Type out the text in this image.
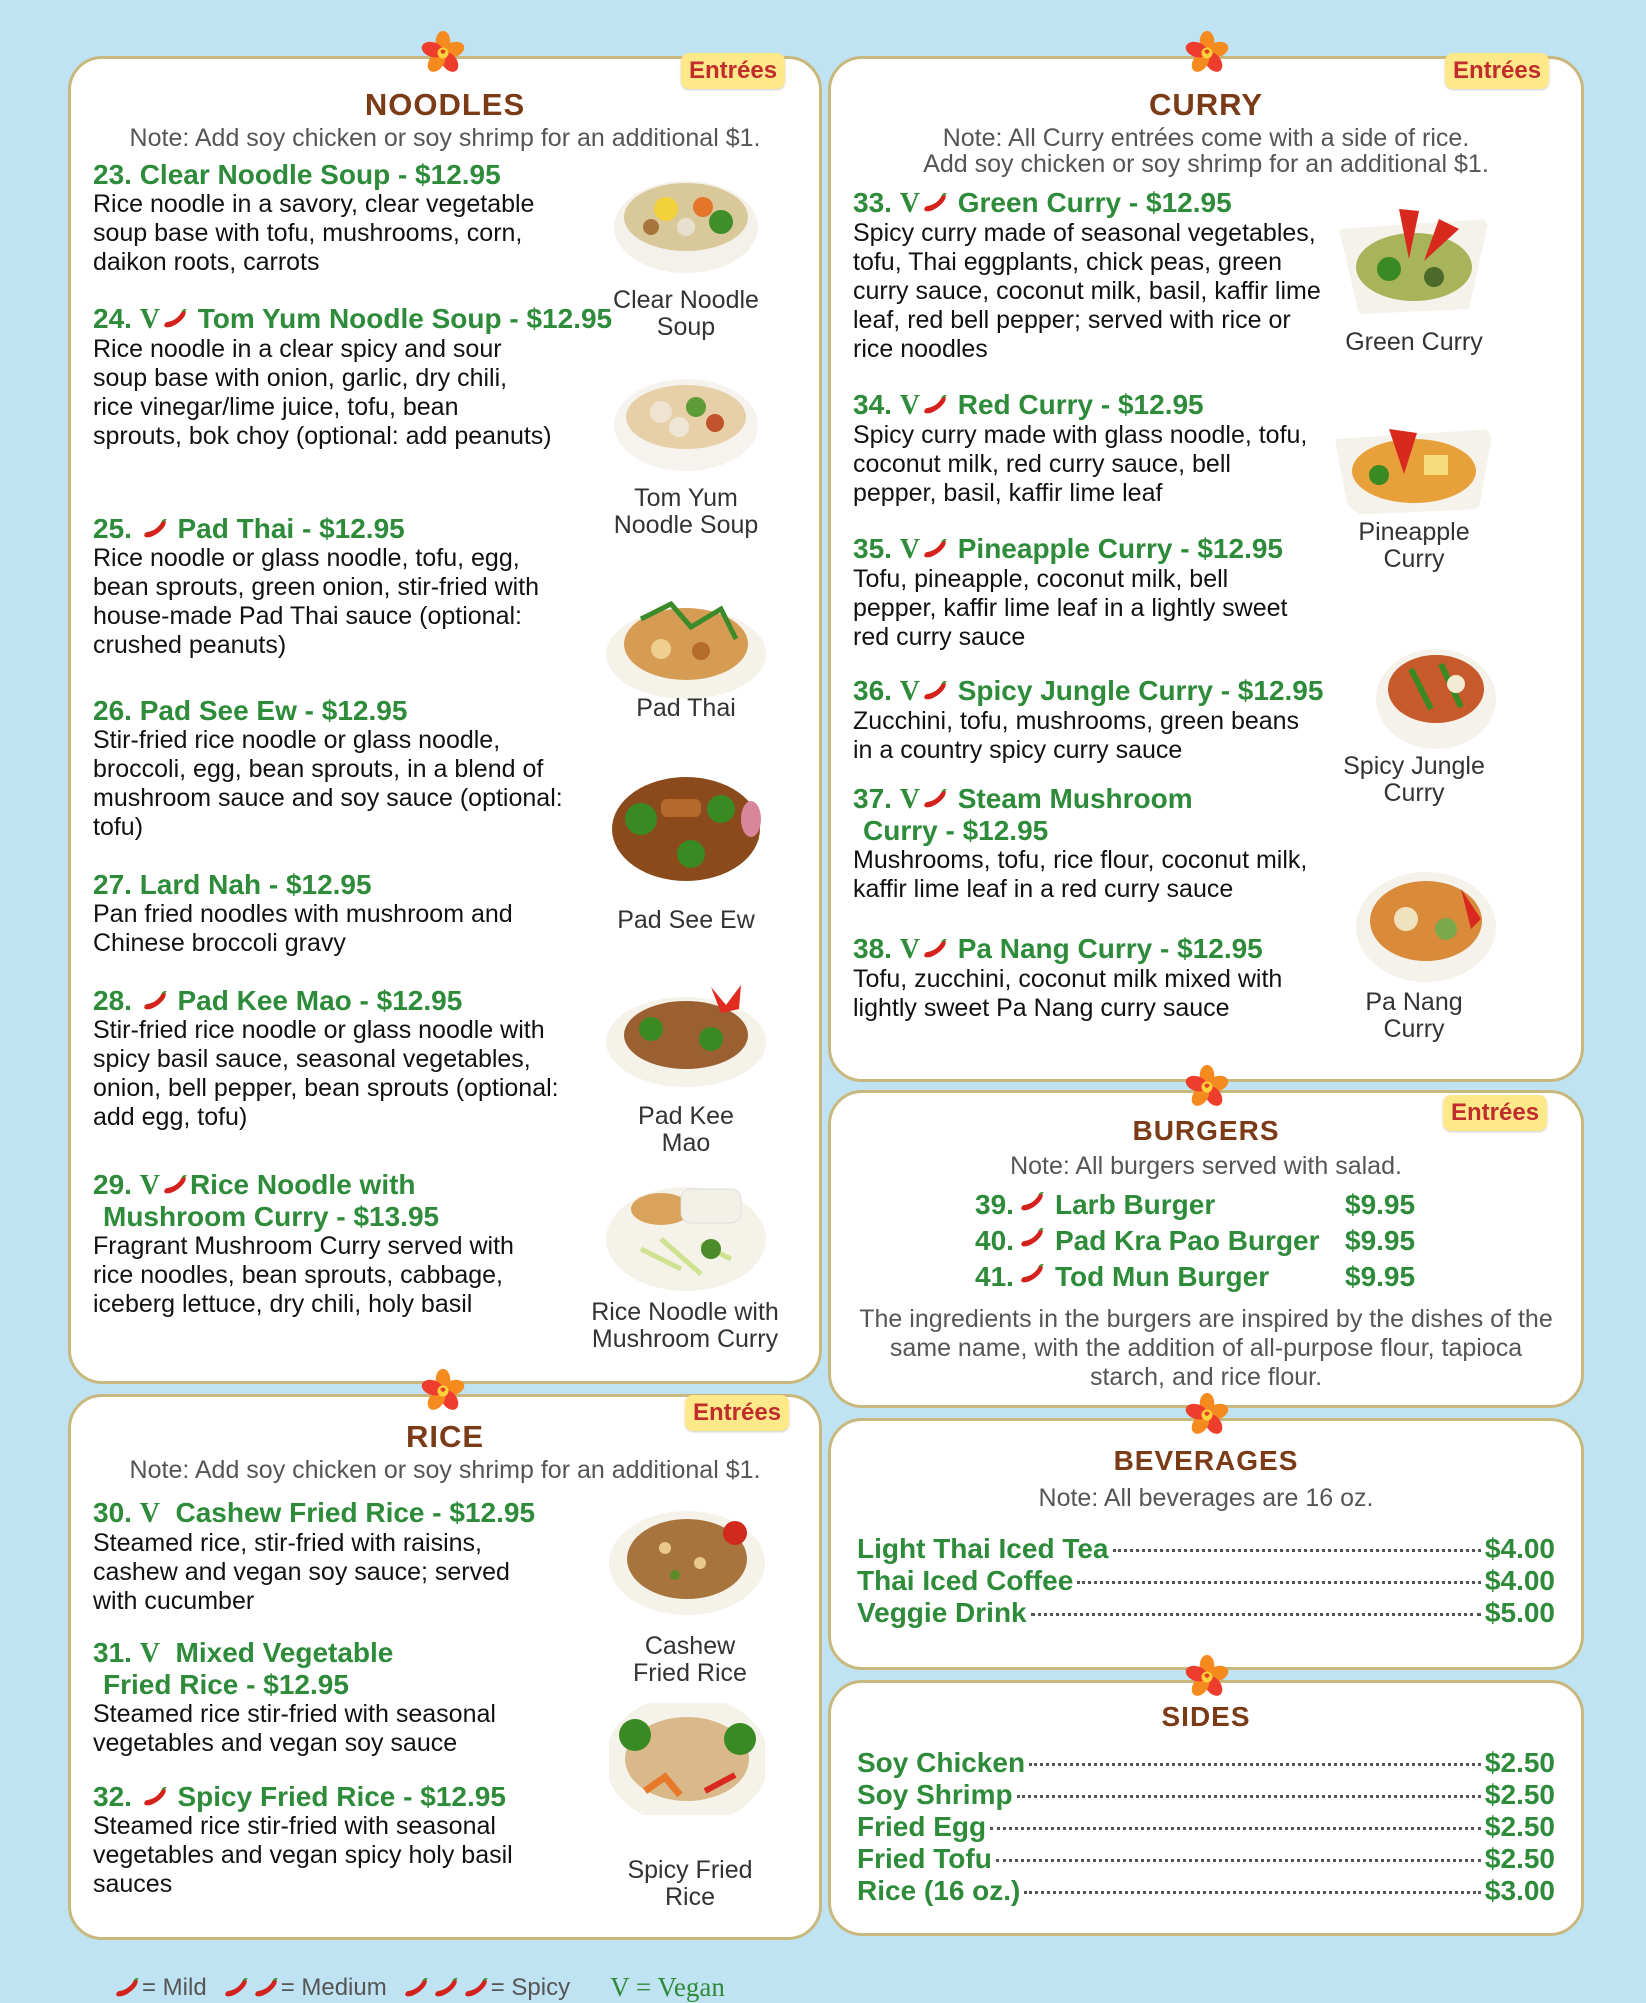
Entrées
NOODLES
Note: Add soy chicken or soy shrimp for an additional $1.
23. Clear Noodle Soup - $12.95
Rice noodle in a savory, clear vegetable soup base with tofu, mushrooms, corn, daikon roots, carrots
24. V Tom Yum Noodle Soup - $12.95
Rice noodle in a clear spicy and sour soup base with onion, garlic, dry chili, rice vinegar/lime juice, tofu, bean sprouts, bok choy (optional: add peanuts)
25. Pad Thai - $12.95
Rice noodle or glass noodle, tofu, egg, bean sprouts, green onion, stir-fried with house-made Pad Thai sauce (optional: crushed peanuts)
26. Pad See Ew - $12.95
Stir-fried rice noodle or glass noodle, broccoli, egg, bean sprouts, in a blend of mushroom sauce and soy sauce (optional: tofu)
27. Lard Nah - $12.95
Pan fried noodles with mushroom and Chinese broccoli gravy
28. Pad Kee Mao - $12.95
Stir-fried rice noodle or glass noodle with spicy basil sauce, seasonal vegetables, onion, bell pepper, bean sprouts (optional: add egg, tofu)
29. V Rice Noodle with
Mushroom Curry - $13.95
Fragrant Mushroom Curry served with rice noodles, bean sprouts, cabbage, iceberg lettuce, dry chili, holy basil
Clear Noodle Soup
Tom Yum Noodle Soup
Pad Thai
Pad See Ew
Pad Kee Mao
Rice Noodle with Mushroom Curry
Entrées
RICE
Note: Add soy chicken or soy shrimp for an additional $1.
30. V Cashew Fried Rice - $12.95
Steamed rice, stir-fried with raisins, cashew and vegan soy sauce; served with cucumber
31. V Mixed Vegetable
Fried Rice - $12.95
Steamed rice stir-fried with seasonal vegetables and vegan soy sauce
32. Spicy Fried Rice - $12.95
Steamed rice stir-fried with seasonal vegetables and vegan spicy holy basil sauces
Cashew Fried Rice
Spicy Fried Rice
Entrées
CURRY
Note: All Curry entrées come with a side of rice.
Add soy chicken or soy shrimp for an additional $1.
33. V Green Curry - $12.95
Spicy curry made of seasonal vegetables, tofu, Thai eggplants, chick peas, green curry sauce, coconut milk, basil, kaffir lime leaf, red bell pepper; served with rice or rice noodles
34. V Red Curry - $12.95
Spicy curry made with glass noodle, tofu, coconut milk, red curry sauce, bell pepper, basil, kaffir lime leaf
35. V Pineapple Curry - $12.95
Tofu, pineapple, coconut milk, bell pepper, kaffir lime leaf in a lightly sweet red curry sauce
36. V Spicy Jungle Curry - $12.95
Zucchini, tofu, mushrooms, green beans in a country spicy curry sauce
37. V Steam Mushroom
Curry - $12.95
Mushrooms, tofu, rice flour, coconut milk, kaffir lime leaf in a red curry sauce
38. V Pa Nang Curry - $12.95
Tofu, zucchini, coconut milk mixed with lightly sweet Pa Nang curry sauce
Green Curry
Pineapple Curry
Spicy Jungle Curry
Pa Nang Curry
Entrées
BURGERS
Note: All burgers served with salad.
39. Larb Burger	$9.95
40. Pad Kra Pao Burger $9.95
41. Tod Mun Burger	$9.95
The ingredients in the burgers are inspired by the dishes of the same name, with the addition of all-purpose flour, tapioca starch, and rice flour.
BEVERAGES
Note: All beverages are 16 oz.
Light Thai Iced Tea	$4.00
Thai Iced Coffee	$4.00
Veggie Drink	$5.00
SIDES
Soy Chicken	$2.50
Soy Shrimp	$2.50
Fried Egg	$2.50
Fried Tofu	$2.50
Rice (16 oz.)	$3.00
= Mild	= Medium	= Spicy V = Vegan
